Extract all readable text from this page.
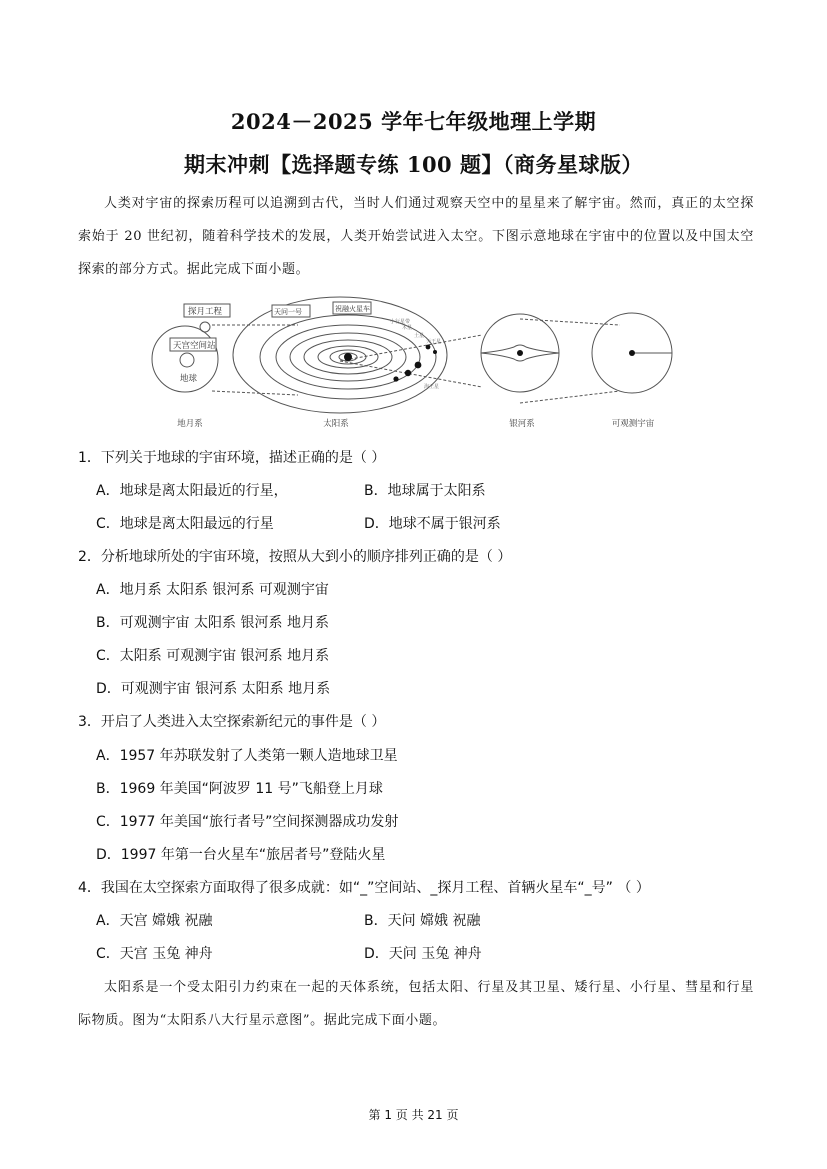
2024－2025 学年七年级地理上学期
期末冲刺【选择题专练 100 题】（商务星球版）
人类对宇宙的探索历程可以追溯到古代，当时人们通过观察天空中的星星来了解宇宙。然而，真正的太空探索始于 20 世纪初，随着科学技术的发展，人类开始尝试进入太空。下图示意地球在宇宙中的位置以及中国太空探索的部分方式。据此完成下面小题。
探月工程
天宫空间站
天问一号	祝融火星车
地球
木星
土星
小行星带
天王星
海王星
地月系	太阳系	银河系	可观测宇宙
1．下列关于地球的宇宙环境，描述正确的是（ ）
A．地球是离太阳最近的行星，	B．地球属于太阳系
C．地球是离太阳最远的行星	D．地球不属于银河系
2．分析地球所处的宇宙环境，按照从大到小的顺序排列正确的是（ ）
A．地月系 太阳系 银河系 可观测宇宙
B．可观测宇宙 太阳系 银河系 地月系
C．太阳系 可观测宇宙 银河系 地月系
D．可观测宇宙 银河系 太阳系 地月系
3．开启了人类进入太空探索新纪元的事件是（ ）
A．1957 年苏联发射了人类第一颗人造地球卫星
B．1969 年美国“阿波罗 11 号”飞船登上月球
C．1977 年美国“旅行者号”空间探测器成功发射
D．1997 年第一台火星车“旅居者号”登陆火星
4．我国在太空探索方面取得了很多成就：如“_”空间站、_探月工程、首辆火星车“_号” （ ）
A．天宫 嫦娥 祝融	B．天问 嫦娥 祝融
C．天宫 玉兔 神舟	D．天问 玉兔 神舟
太阳系是一个受太阳引力约束在一起的天体系统，包括太阳、行星及其卫星、矮行星、小行星、彗星和行星际物质。图为“太阳系八大行星示意图”。据此完成下面小题。
第 1 页 共 21 页
